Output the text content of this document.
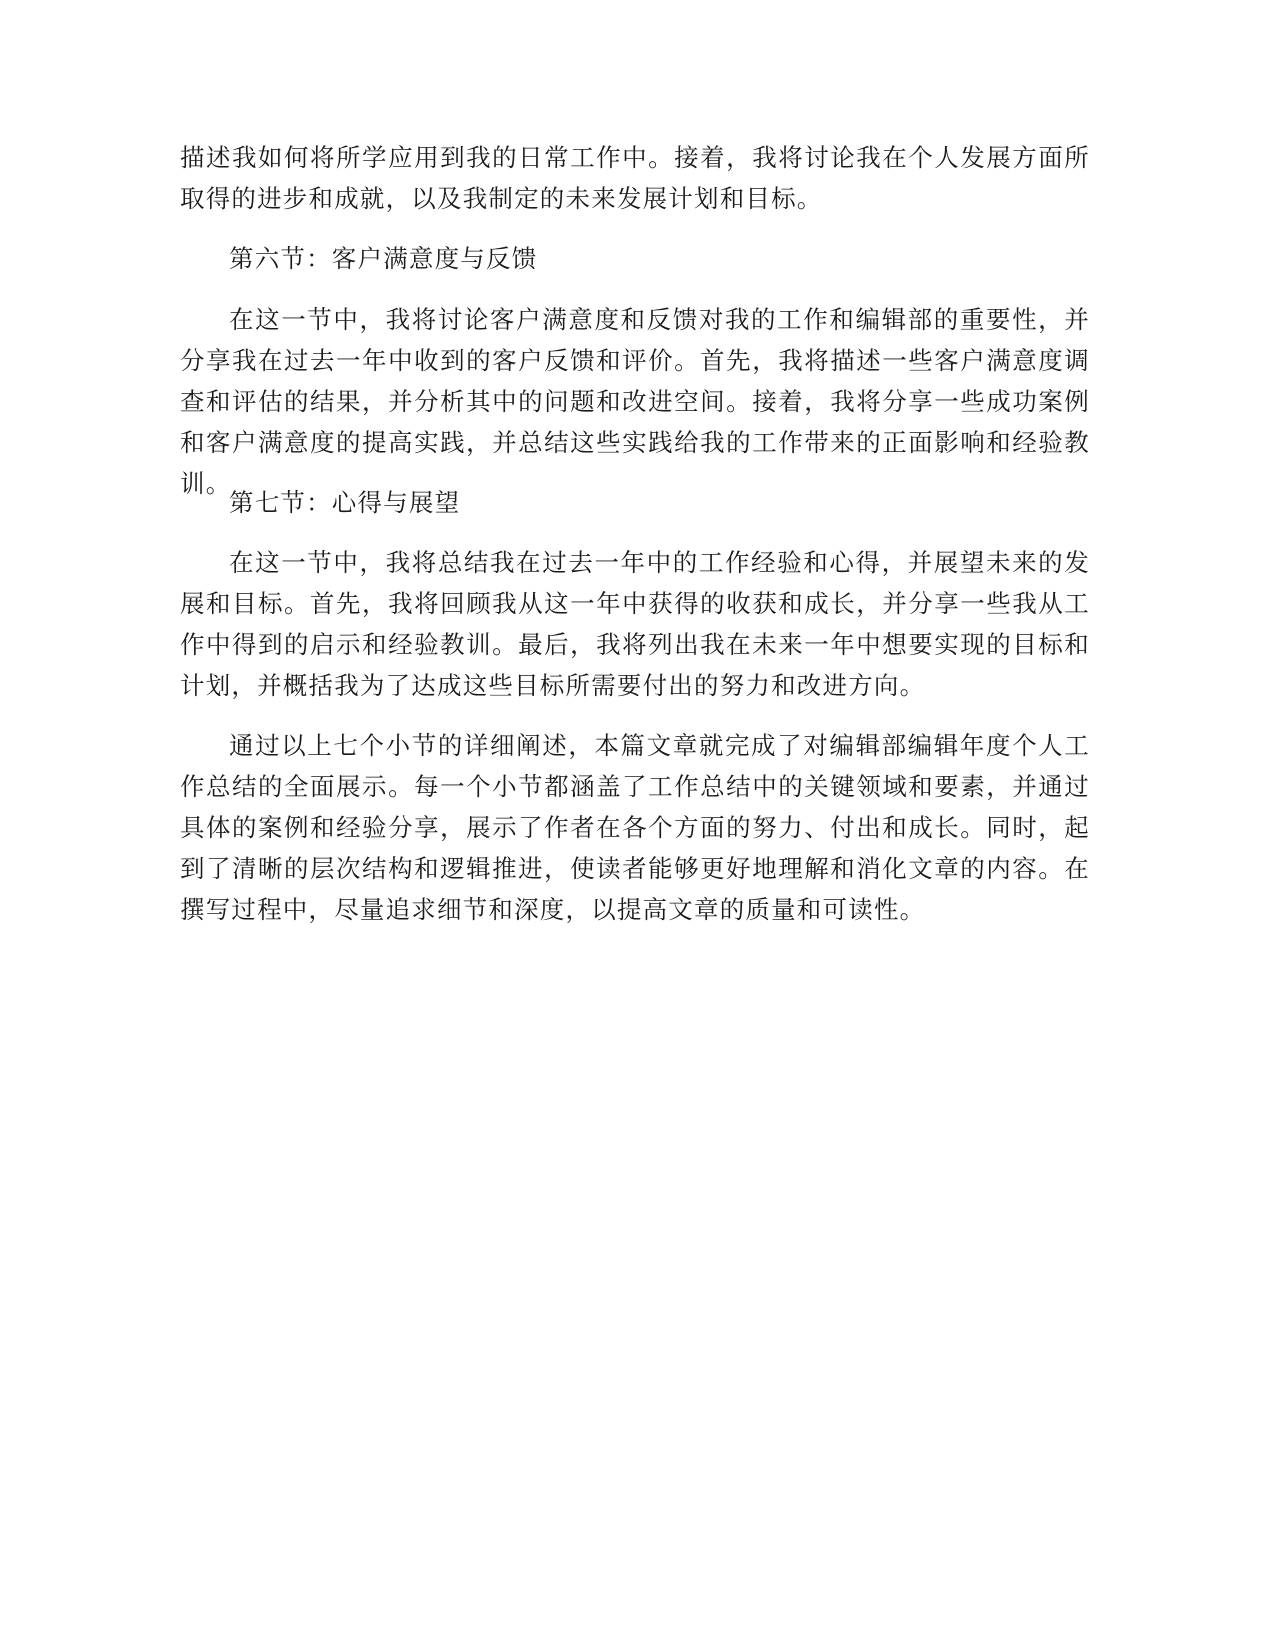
描述我如何将所学应用到我的日常工作中。接着，我将讨论我在个人发展方面所取得的进步和成就，以及我制定的未来发展计划和目标。

第六节：客户满意度与反馈

在这一节中，我将讨论客户满意度和反馈对我的工作和编辑部的重要性，并分享我在过去一年中收到的客户反馈和评价。首先，我将描述一些客户满意度调查和评估的结果，并分析其中的问题和改进空间。接着，我将分享一些成功案例和客户满意度的提高实践，并总结这些实践给我的工作带来的正面影响和经验教训。

第七节：心得与展望

在这一节中，我将总结我在过去一年中的工作经验和心得，并展望未来的发展和目标。首先，我将回顾我从这一年中获得的收获和成长，并分享一些我从工作中得到的启示和经验教训。最后，我将列出我在未来一年中想要实现的目标和计划，并概括我为了达成这些目标所需要付出的努力和改进方向。

通过以上七个小节的详细阐述，本篇文章就完成了对编辑部编辑年度个人工作总结的全面展示。每一个小节都涵盖了工作总结中的关键领域和要素，并通过具体的案例和经验分享，展示了作者在各个方面的努力、付出和成长。同时，起到了清晰的层次结构和逻辑推进，使读者能够更好地理解和消化文章的内容。在撰写过程中，尽量追求细节和深度，以提高文章的质量和可读性。
